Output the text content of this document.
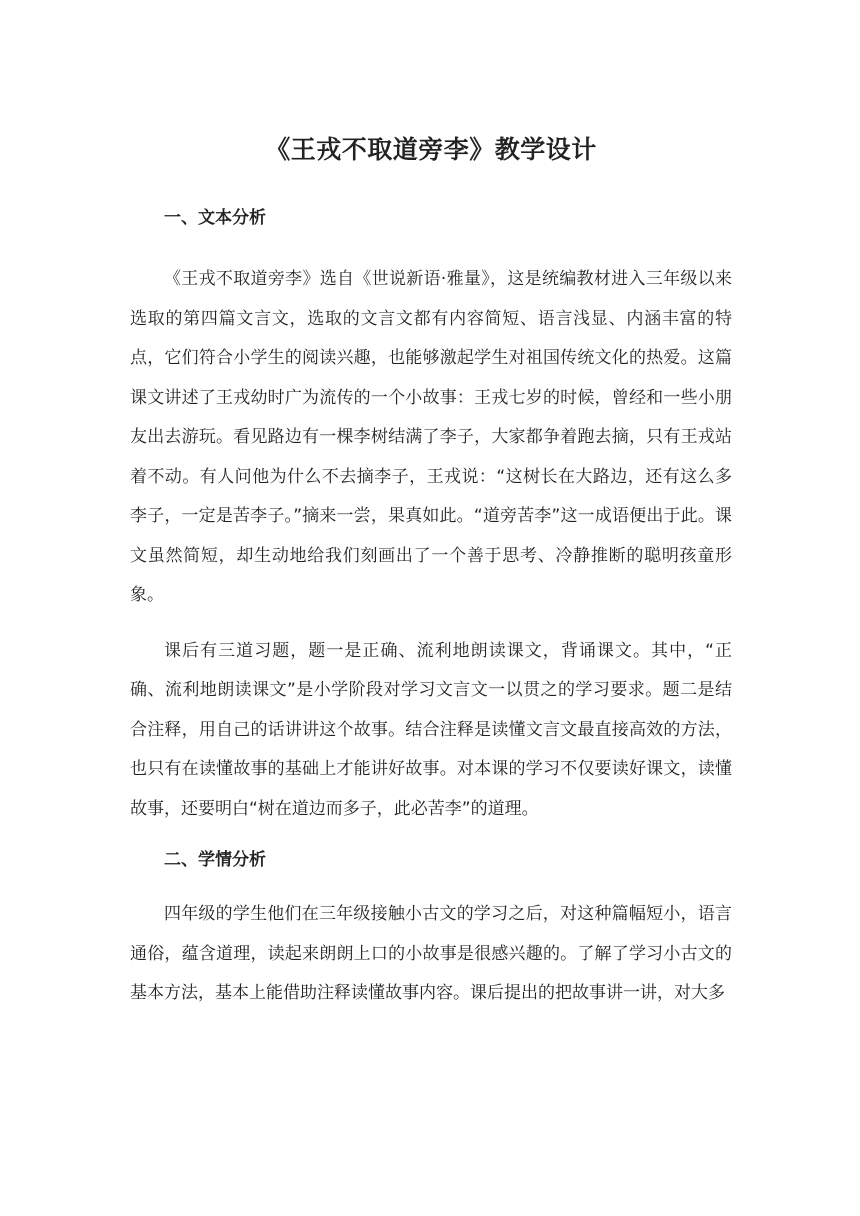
《王戎不取道旁李》教学设计
一、文本分析

《王戎不取道旁李》选自《世说新语·雅量》，这是统编教材进入三年级以来选取的第四篇文言文，选取的文言文都有内容简短、语言浅显、内涵丰富的特点，它们符合小学生的阅读兴趣，也能够激起学生对祖国传统文化的热爱。这篇课文讲述了王戎幼时广为流传的一个小故事：王戎七岁的时候，曾经和一些小朋友出去游玩。看见路边有一棵李树结满了李子，大家都争着跑去摘，只有王戎站着不动。有人问他为什么不去摘李子，王戎说：“这树长在大路边，还有这么多李子，一定是苦李子。”摘来一尝，果真如此。“道旁苦李”这一成语便出于此。课文虽然简短，却生动地给我们刻画出了一个善于思考、冷静推断的聪明孩童形象。

课后有三道习题，题一是正确、流利地朗读课文，背诵课文。其中，“正确、流利地朗读课文”是小学阶段对学习文言文一以贯之的学习要求。题二是结合注释，用自己的话讲讲这个故事。结合注释是读懂文言文最直接高效的方法，也只有在读懂故事的基础上才能讲好故事。对本课的学习不仅要读好课文，读懂故事，还要明白“树在道边而多子，此必苦李”的道理。

二、学情分析

四年级的学生他们在三年级接触小古文的学习之后，对这种篇幅短小，语言通俗，蕴含道理，读起来朗朗上口的小故事是很感兴趣的。了解了学习小古文的基本方法，基本上能借助注释读懂故事内容。课后提出的把故事讲一讲，对大多
